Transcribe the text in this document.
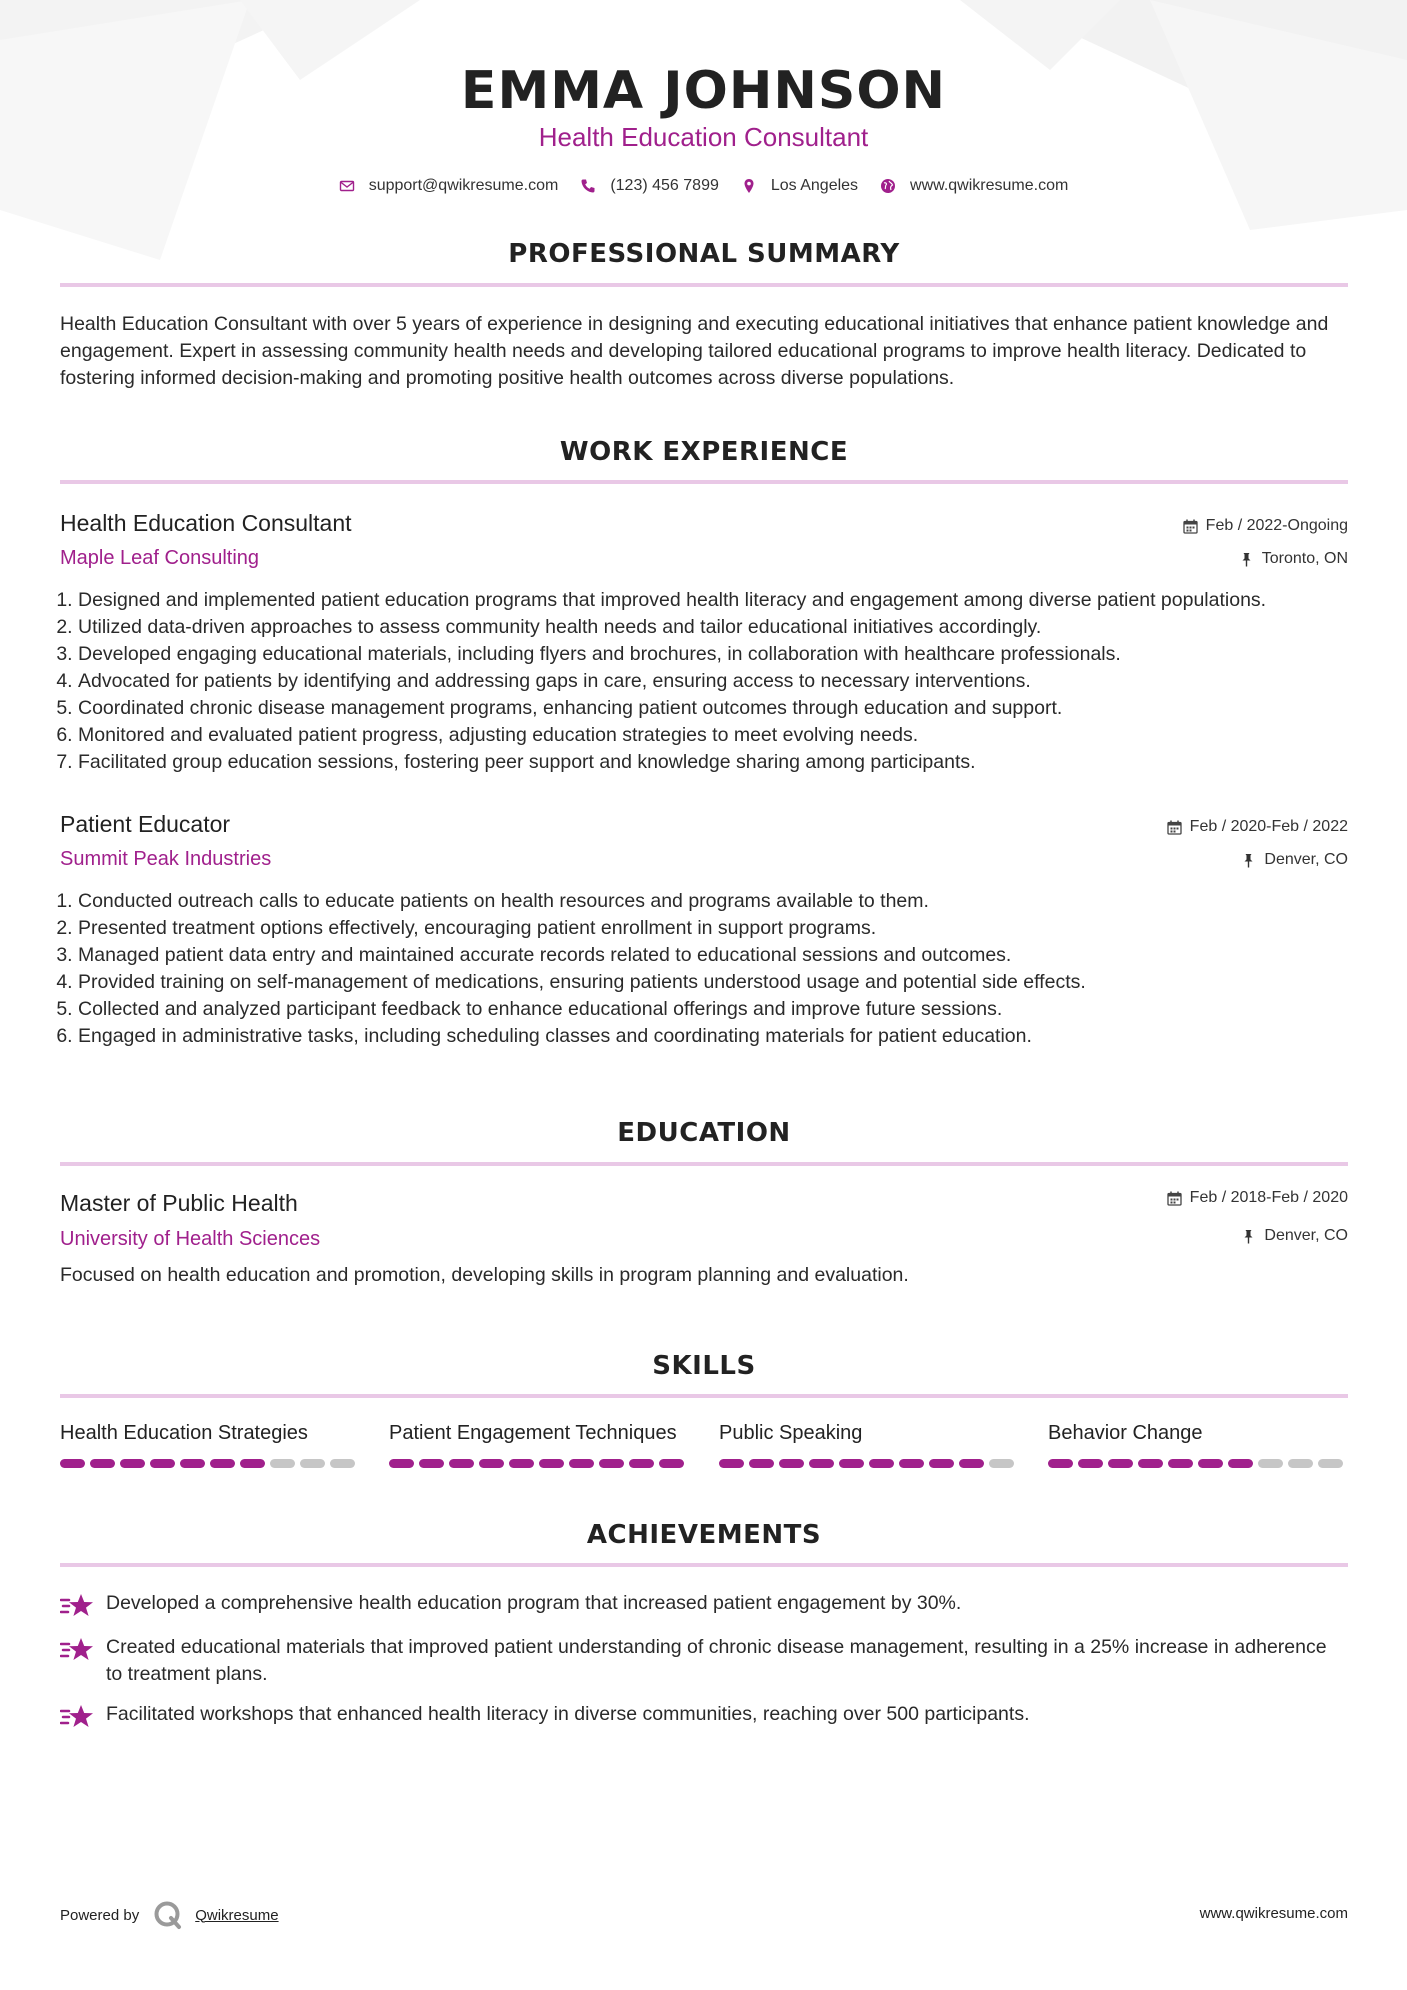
EMMA JOHNSON
Health Education Consultant
support@qwikresume.com	(123) 456 7899	Los Angeles	www.qwikresume.com
PROFESSIONAL SUMMARY
Health Education Consultant with over 5 years of experience in designing and executing educational initiatives that enhance patient knowledge and engagement. Expert in assessing community health needs and developing tailored educational programs to improve health literacy. Dedicated to fostering informed decision-making and promoting positive health outcomes across diverse populations.
WORK EXPERIENCE
Health Education Consultant	Feb / 2022-Ongoing
Maple Leaf Consulting	Toronto, ON
1. Designed and implemented patient education programs that improved health literacy and engagement among diverse patient populations.
2. Utilized data-driven approaches to assess community health needs and tailor educational initiatives accordingly.
3. Developed engaging educational materials, including flyers and brochures, in collaboration with healthcare professionals.
4. Advocated for patients by identifying and addressing gaps in care, ensuring access to necessary interventions.
5. Coordinated chronic disease management programs, enhancing patient outcomes through education and support.
6. Monitored and evaluated patient progress, adjusting education strategies to meet evolving needs.
7. Facilitated group education sessions, fostering peer support and knowledge sharing among participants.
Patient Educator	Feb / 2020-Feb / 2022
Summit Peak Industries	Denver, CO
1. Conducted outreach calls to educate patients on health resources and programs available to them.
2. Presented treatment options effectively, encouraging patient enrollment in support programs.
3. Managed patient data entry and maintained accurate records related to educational sessions and outcomes.
4. Provided training on self-management of medications, ensuring patients understood usage and potential side effects.
5. Collected and analyzed participant feedback to enhance educational offerings and improve future sessions.
6. Engaged in administrative tasks, including scheduling classes and coordinating materials for patient education.
EDUCATION
Master of Public Health	Feb / 2018-Feb / 2020
University of Health Sciences	Denver, CO
Focused on health education and promotion, developing skills in program planning and evaluation.
SKILLS
Health Education Strategies	Patient Engagement Techniques	Public Speaking	Behavior Change
ACHIEVEMENTS
Developed a comprehensive health education program that increased patient engagement by 30%.
Created educational materials that improved patient understanding of chronic disease management, resulting in a 25% increase in adherence to treatment plans.
Facilitated workshops that enhanced health literacy in diverse communities, reaching over 500 participants.
Powered by	Qwikresume	www.qwikresume.com
